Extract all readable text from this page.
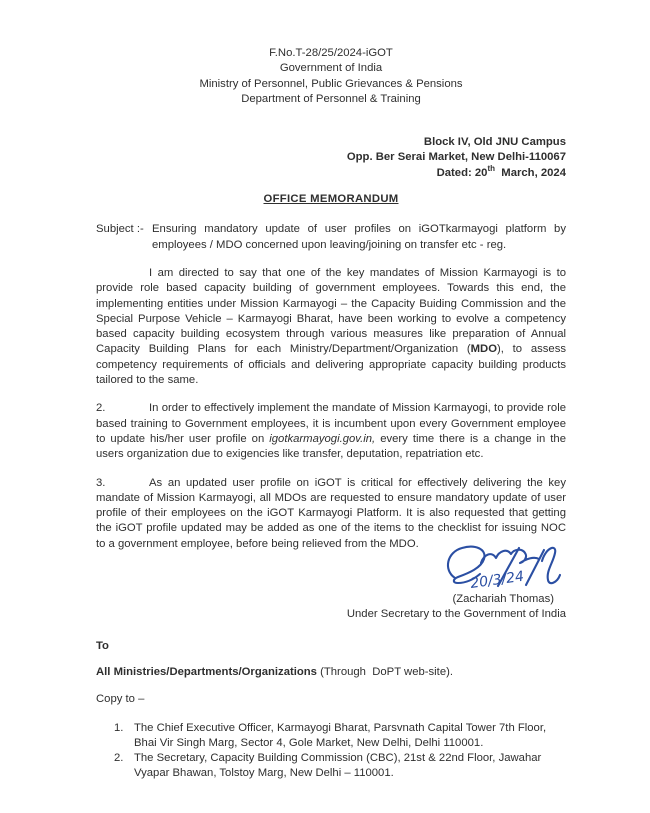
F.No.T-28/25/2024-iGOT
Government of India
Ministry of Personnel, Public Grievances & Pensions
Department of Personnel & Training
Block IV, Old JNU Campus
Opp. Ber Serai Market, New Delhi-110067
Dated: 20th  March, 2024
OFFICE MEMORANDUM
Subject :- Ensuring mandatory update of user profiles on iGOTkarmayogi platform by employees / MDO concerned upon leaving/joining on transfer etc - reg.
I am directed to say that one of the key mandates of Mission Karmayogi is to provide role based capacity building of government employees. Towards this end, the implementing entities under Mission Karmayogi – the Capacity Buiding Commission and the Special Purpose Vehicle – Karmayogi Bharat, have been working to evolve a competency based capacity building ecosystem through various measures like preparation of Annual Capacity Building Plans for each Ministry/Department/Organization (MDO), to assess competency requirements of officials and delivering appropriate capacity building products tailored to the same.
2.	In order to effectively implement the mandate of Mission Karmayogi, to provide role based training to Government employees, it is incumbent upon every Government employee to update his/her user profile on igotkarmayogi.gov.in, every time there is a change in the users organization due to exigencies like transfer, deputation, repatriation etc.
3.	As an updated user profile on iGOT is critical for effectively delivering the key mandate of Mission Karmayogi, all MDOs are requested to ensure mandatory update of user profile of their employees on the iGOT Karmayogi Platform. It is also requested that getting the iGOT profile updated may be added as one of the items to the checklist for issuing NOC to a government employee, before being relieved from the MDO.
20/3/24
(Zachariah Thomas)
Under Secretary to the Government of India
To
All Ministries/Departments/Organizations (Through  DoPT web-site).
Copy to –
1. The Chief Executive Officer, Karmayogi Bharat, Parsvnath Capital Tower 7th Floor, Bhai Vir Singh Marg, Sector 4, Gole Market, New Delhi, Delhi 110001.
2. The Secretary, Capacity Building Commission (CBC), 21st & 22nd Floor, Jawahar Vyapar Bhawan, Tolstoy Marg, New Delhi – 110001.
